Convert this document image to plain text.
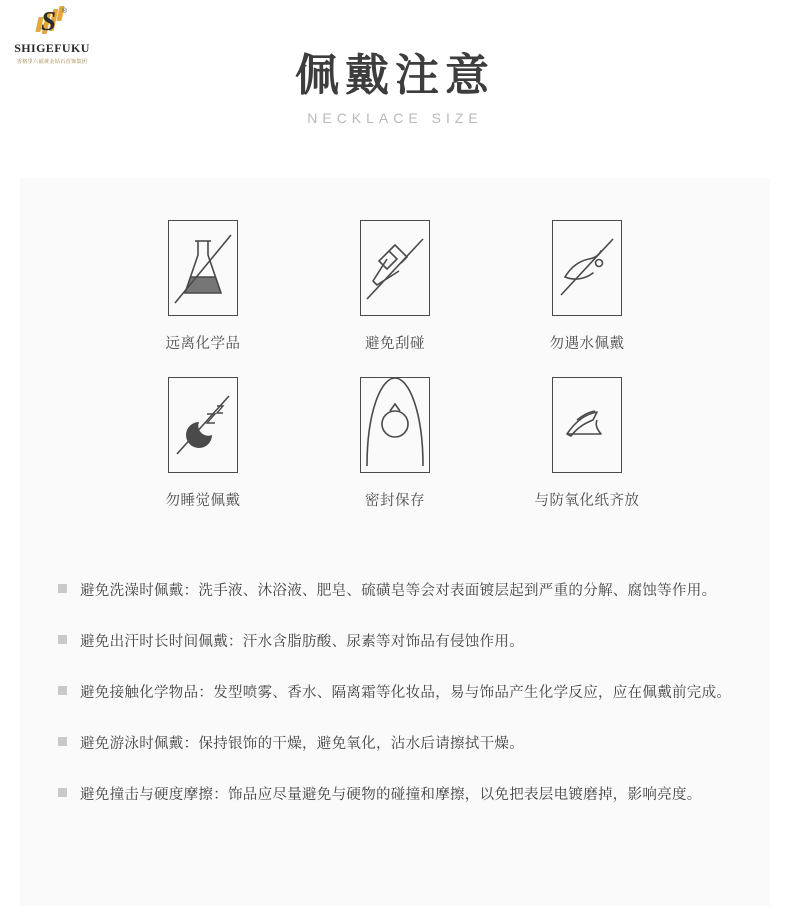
S ®
SHIGEFUKU
香格里六福黄金钻石首饰集团	佩戴注意
NECKLACE SIZE
远离化学品	避免刮碰	勿遇水佩戴
勿睡觉佩戴	密封保存	与防氧化纸齐放
避免洗澡时佩戴：洗手液、沐浴液、肥皂、硫磺皂等会对表面镀层起到严重的分解、腐蚀等作用。
避免出汗时长时间佩戴：汗水含脂肪酸、尿素等对饰品有侵蚀作用。
避免接触化学物品：发型喷雾、香水、隔离霜等化妆品，易与饰品产生化学反应，应在佩戴前完成。
避免游泳时佩戴：保持银饰的干燥，避免氧化，沾水后请擦拭干燥。
避免撞击与硬度摩擦：饰品应尽量避免与硬物的碰撞和摩擦，以免把表层电镀磨掉，影响亮度。
